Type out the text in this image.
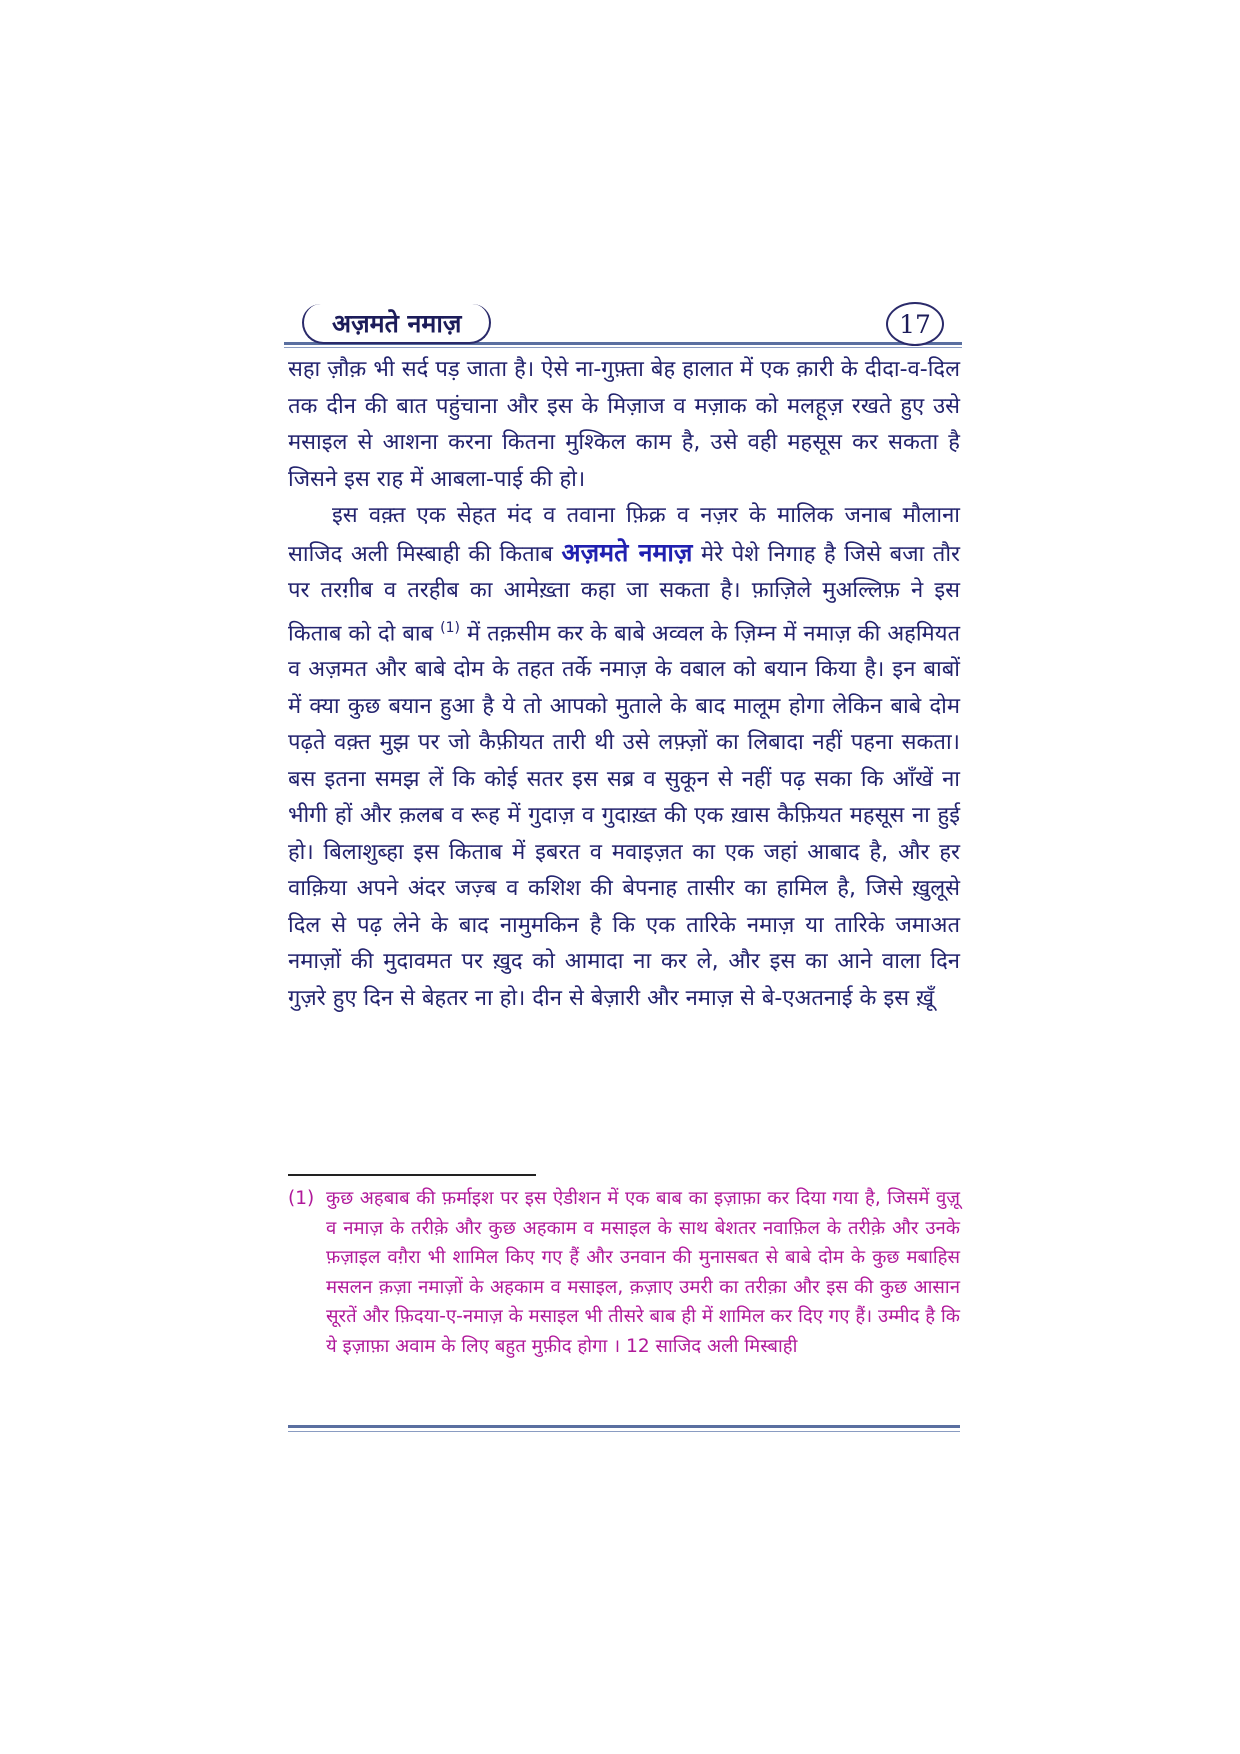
अज़मते नमाज़	17

सहा ज़ौक़ भी सर्द पड़ जाता है। ऐसे ना-गुफ़्ता बेह हालात में एक क़ारी के दीदा-व-दिल तक दीन की बात पहुंचाना और इस के मिज़ाज व मज़ाक को मलहूज़ रखते हुए उसे मसाइल से आशना करना कितना मुश्किल काम है, उसे वही महसूस कर सकता है जिसने इस राह में आबला-पाई की हो।

इस वक़्त एक सेहत मंद व तवाना फ़िक्र व नज़र के मालिक जनाब मौलाना साजिद अली मिस्बाही की किताब अज़मते नमाज़ मेरे पेशे निगाह है जिसे बजा तौर पर तरग़ीब व तरहीब का आमेख़्ता कहा जा सकता है। फ़ाज़िले मुअल्लिफ़ ने इस किताब को दो बाब $^{(1)}$ में तक़सीम कर के बाबे अव्वल के ज़िम्न में नमाज़ की अहमियत व अज़मत और बाबे दोम के तहत तर्के नमाज़ के वबाल को बयान किया है। इन बाबों में क्या कुछ बयान हुआ है ये तो आपको मुताले के बाद मालूम होगा लेकिन बाबे दोम पढ़ते वक़्त मुझ पर जो कैफ़ीयत तारी थी उसे लफ़्ज़ों का लिबादा नहीं पहना सकता। बस इतना समझ लें कि कोई सतर इस सब्र व सुकून से नहीं पढ़ सका कि आँखें ना भीगी हों और क़लब व रूह में गुदाज़ व गुदाख़्त की एक ख़ास कैफ़ियत महसूस ना हुई हो। बिलाशुब्हा इस किताब में इबरत व मवाइज़त का एक जहां आबाद है, और हर वाक़िया अपने अंदर जज़्ब व कशिश की बेपनाह तासीर का हामिल है, जिसे ख़ुलूसे दिल से पढ़ लेने के बाद नामुमकिन है कि एक तारिके नमाज़ या तारिके जमाअत नमाज़ों की मुदावमत पर ख़ुद को आमादा ना कर ले, और इस का आने वाला दिन गुज़रे हुए दिन से बेहतर ना हो। दीन से बेज़ारी और नमाज़ से बे-एअतनाई के इस ख़ूँ

(1) कुछ अहबाब की फ़र्माइश पर इस ऐडीशन में एक बाब का इज़ाफ़ा कर दिया गया है, जिसमें वुज़ू व नमाज़ के तरीक़े और कुछ अहकाम व मसाइल के साथ बेशतर नवाफ़िल के तरीक़े और उनके फ़ज़ाइल वग़ैरा भी शामिल किए गए हैं और उनवान की मुनासबत से बाबे दोम के कुछ मबाहिस मसलन क़ज़ा नमाज़ों के अहकाम व मसाइल, क़ज़ाए उमरी का तरीक़ा और इस की कुछ आसान सूरतें और फ़िदया-ए-नमाज़ के मसाइल भी तीसरे बाब ही में शामिल कर दिए गए हैं। उम्मीद है कि ये इज़ाफ़ा अवाम के लिए बहुत मुफ़ीद होगा । 12 साजिद अली मिस्बाही
